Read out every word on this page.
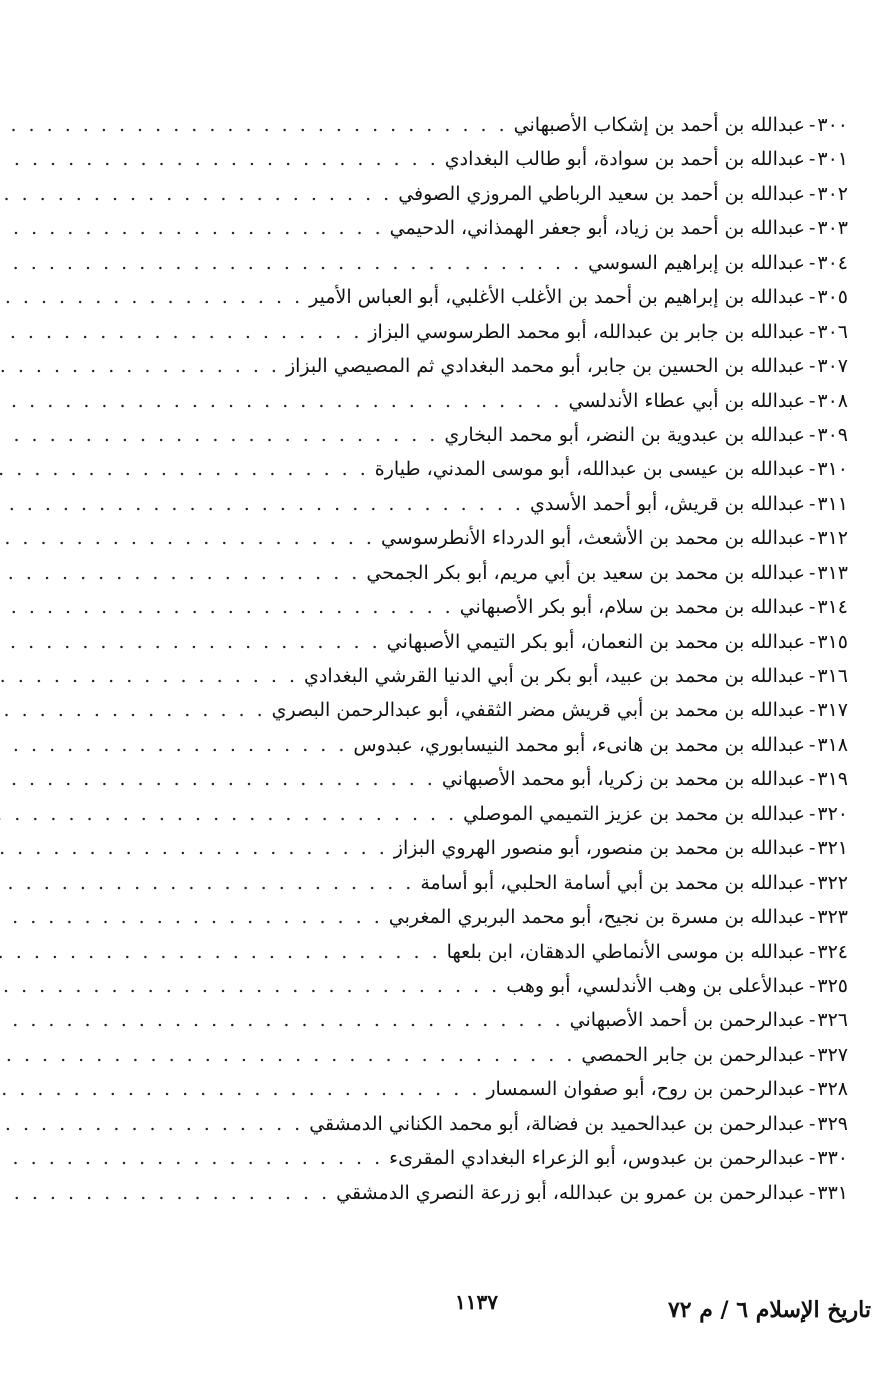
٣٠٠
-
عبدالله بن أحمد بن إشكاب الأصبهاني
. . .
٣٠١
-
عبدالله بن أحمد بن سوادة، أبو طالب البغدادي
. . .
٣٠٢
-
عبدالله بن أحمد بن سعيد الرباطي المروزي الصوفي
. . .
٣٠٣
-
عبدالله بن أحمد بن زياد، أبو جعفر الهمذاني، الدحيمي
. . .
٣٠٤
-
عبدالله بن إبراهيم السوسي
. . .
٣٠٥
-
عبدالله بن إبراهيم بن أحمد بن الأغلب الأغلبي، أبو العباس الأمير
. . .
٣٠٦
-
عبدالله بن جابر بن عبدالله، أبو محمد الطرسوسي البزاز
. . .
٣٠٧
-
عبدالله بن الحسين بن جابر، أبو محمد البغدادي ثم المصيصي البزاز
. . .
٣٠٨
-
عبدالله بن أبي عطاء الأندلسي
. . .
٣٠٩
-
عبدالله بن عبدوية بن النضر، أبو محمد البخاري
. . .
٣١٠
-
عبدالله بن عيسى بن عبدالله، أبو موسى المدني، طيارة
. . .
٣١١
-
عبدالله بن قريش، أبو أحمد الأسدي
. . .
٣١٢
-
عبدالله بن محمد بن الأشعث، أبو الدرداء الأنطرسوسي
. . .
٣١٣
-
عبدالله بن محمد بن سعيد بن أبي مريم، أبو بكر الجمحي
. . .
٣١٤
-
عبدالله بن محمد بن سلام، أبو بكر الأصبهاني
. . .
٣١٥
-
عبدالله بن محمد بن النعمان، أبو بكر التيمي الأصبهاني
. . .
٣١٦
-
عبدالله بن محمد بن عبيد، أبو بكر بن أبي الدنيا القرشي البغدادي
. . .
٣١٧
-
عبدالله بن محمد بن أبي قريش مضر الثقفي، أبو عبدالرحمن البصري
. . .
٣١٨
-
عبدالله بن محمد بن هانىء، أبو محمد النيسابوري، عبدوس
. . .
٣١٩
-
عبدالله بن محمد بن زكريا، أبو محمد الأصبهاني
. . .
٣٢٠
-
عبدالله بن محمد بن عزيز التميمي الموصلي
. . .
٣٢١
-
عبدالله بن محمد بن منصور، أبو منصور الهروي البزاز
. . .
٣٢٢
-
عبدالله بن محمد بن أبي أسامة الحلبي، أبو أسامة
. . .
٣٢٣
-
عبدالله بن مسرة بن نجيح، أبو محمد البربري المغربي
. . .
٣٢٤
-
عبدالله بن موسى الأنماطي الدهقان، ابن بلعها
. . .
٣٢٥
-
عبدالأعلى بن وهب الأندلسي، أبو وهب
. . .
٣٢٦
-
عبدالرحمن بن أحمد الأصبهاني
. . .
٣٢٧
-
عبدالرحمن بن جابر الحمصي
. . .
٣٢٨
-
عبدالرحمن بن روح، أبو صفوان السمسار
. . .
٣٢٩
-
عبدالرحمن بن عبدالحميد بن فضالة، أبو محمد الكناني الدمشقي
. . .
٣٣٠
-
عبدالرحمن بن عبدوس، أبو الزعراء البغدادي المقرىء
. . .
٣٣١
-
عبدالرحمن بن عمرو بن عبدالله، أبو زرعة النصري الدمشقي
. . .
١١٣٧	تاريخ الإسلام ٦ / م ٧٢
